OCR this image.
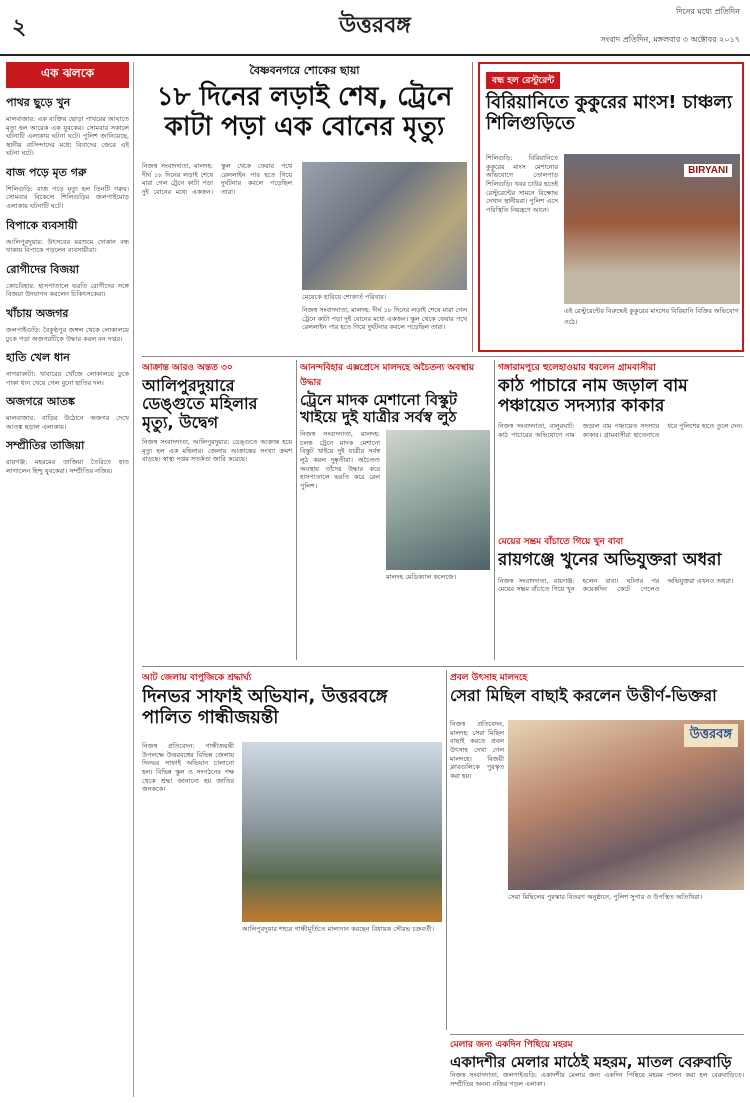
২	উত্তরবঙ্গ
দিনের মধ্যে প্রতিদিন
সংবাদ প্রতিদিন, মঙ্গলবার ৩ অক্টোবর ২০১৭
এক ঝলকে
পাথর ছুড়ে খুন

মালবাজার: এক ব্যক্তির ছোড়া পাথরের আঘাতে মৃত্যু হল আরেক এক যুবকের। সোমবার সকালে ঘটনাটি এলাকায় ঘটনা ঘটে। পুলিশ জানিয়েছে, স্থানীয় বাসিন্দাদের মধ্যে বিবাদের জেরে এই ঘটনা ঘটে।

বাজ পড়ে মৃত গরু

শিলিগুড়ি: বাজ পড়ে মৃত্যু হল তিনটি গরুর। সোমবার বিকেলে শিলিগুড়ির জলপাইমোড় এলাকায় ঘটনাটি ঘটে।

বিপাকে ব্যবসায়ী

আলিপুরদুয়ার: উৎসবের মরশুমে দোকান বন্ধ থাকায় বিপাকে পড়লেন ব্যবসায়ীরা।

রোগীদের বিজয়া

কোচবিহার: হাসপাতালে ভরতি রোগীদের সঙ্গে বিজয়া উদযাপন করলেন চিকিৎসকেরা।

খাঁচায় অজগর

জলপাইগুড়ি: বৈকুণ্ঠপুর জঙ্গল থেকে লোকালয়ে ঢুকে পড়া অজগরটিকে উদ্ধার করল বন দপ্তর।

হাতি খেল ধান

নাগরাকাটা: খাবারের খোঁজে লোকালয়ে ঢুকে পাকা ধান খেয়ে গেল বুনো হাতির দল।

অজগরে আতঙ্ক

মালবাজার: বাড়ির উঠোনে অজগর দেখে আতঙ্ক ছড়াল এলাকায়।

সম্প্রীতির তাজিয়া

রায়গঞ্জ: মহরমের তাজিয়া তৈরিতে হাত লাগালেন হিন্দু যুবকেরা। সম্প্রীতির নজির।

বৈষ্ণবনগরে শোকের ছায়া
১৮ দিনের লড়াই শেষ, ট্রেনে কাটা পড়া এক বোনের মৃত্যু
নিজস্ব সংবাদদাতা, মালদহ: দীর্ঘ ১৮ দিনের লড়াই শেষে মারা গেল ট্রেনে কাটা পড়া দুই বোনের মধ্যে একজন। স্কুল থেকে ফেরার পথে রেললাইন পার হতে গিয়ে দুর্ঘটনার কবলে পড়েছিল তারা।
মেয়েকে হারিয়ে শোকার্ত পরিবার।
নিজস্ব সংবাদদাতা, মালদহ: দীর্ঘ ১৮ দিনের লড়াই শেষে মারা গেল ট্রেনে কাটা পড়া দুই বোনের মধ্যে একজন। স্কুল থেকে ফেরার পথে রেললাইন পার হতে গিয়ে দুর্ঘটনার কবলে পড়েছিল তারা।
বন্ধ হল রেস্টুরেন্ট
বিরিয়ানিতে কুকুরের মাংস! চাঞ্চল্য শিলিগুড়িতে
শিলিগুড়ি: বিরিয়ানিতে কুকুরের মাংস মেশানোর অভিযোগে তোলপাড় শিলিগুড়ি। খবর চাউর হতেই রেস্টুরেন্টের সামনে বিক্ষোভ দেখান স্থানীয়রা। পুলিশ এসে পরিস্থিতি নিয়ন্ত্রণে আনে।
BIRYANI
এই রেস্টুরেন্টের বিরুদ্ধেই কুকুরের মাংসের বিরিয়ানি বিক্রির অভিযোগ ওঠে।
আক্রান্ত আরও অন্তত ৩০
আলিপুরদুয়ারে ডেঙ্গুতে মহিলার মৃত্যু, উদ্বেগ
নিজস্ব সংবাদদাতা, আলিপুরদুয়ার: ডেঙ্গুতে আক্রান্ত হয়ে মৃত্যু হল এক মহিলার। জেলায় আক্রান্তের সংখ্যা ক্রমশ বাড়ছে। স্বাস্থ্য দপ্তর সতর্কতা জারি করেছে।
আনন্দবিহার এক্সপ্রেসে মালদহে অচৈতন্য অবস্থায় উদ্ধার
ট্রেনে মাদক মেশানো বিস্কুট খাইয়ে দুই যাত্রীর সর্বস্ব লুঠ
নিজস্ব সংবাদদাতা, মালদহ: চলন্ত ট্রেনে মাদক মেশানো বিস্কুট খাইয়ে দুই যাত্রীর সর্বস্ব লুঠ করল দুষ্কৃতীরা। অচৈতন্য অবস্থায় তাঁদের উদ্ধার করে হাসপাতালে ভরতি করে রেল পুলিশ।
মালদহ মেডিক্যাল কলেজে।
গঙ্গারামপুরে হুলেহাওয়ার ধরলেন গ্রামবাসীরা
কাঠ পাচারে নাম জড়াল বাম পঞ্চায়েত সদস্যার কাকার
নিজস্ব সংবাদদাতা, বালুরঘাট: কাঠ পাচারের অভিযোগে নাম জড়াল বাম পঞ্চায়েত সদস্যার কাকার। গ্রামবাসীরা হাতেনাতে ধরে পুলিশের হাতে তুলে দেন।
মেয়ের সম্ভ্রম বাঁচাতে গিয়ে খুন বাবা
রায়গঞ্জে খুনের অভিযুক্তরা অধরা
নিজস্ব সংবাদদাতা, রায়গঞ্জ: মেয়ের সম্ভ্রম বাঁচাতে গিয়ে খুন হলেন বাবা। ঘটনার পর কয়েকদিন কেটে গেলেও অভিযুক্তরা এখনও অধরা।
আট জেলায় বাপুজিকে শ্রদ্ধার্ঘ্য
দিনভর সাফাই অভিযান, উত্তরবঙ্গে পালিত গান্ধীজয়ন্তী
নিজস্ব প্রতিবেদন: গান্ধীজয়ন্তী উপলক্ষে উত্তরবঙ্গের বিভিন্ন জেলায় দিনভর সাফাই অভিযান চালানো হল। বিভিন্ন স্কুল ও সংগঠনের পক্ষ থেকে শ্রদ্ধা জানানো হয় জাতির জনককে।
আলিপুরদুয়ার শহরে গান্ধীমূর্তিতে মাল্যদান করছেন বিধায়ক সৌরভ চক্রবর্তী।
প্রবল উৎসাহ মালদহে
সেরা মিছিল বাছাই করলেন উত্তীর্ণ-ভিক্তরা
নিজস্ব প্রতিবেদন, মালদহ: সেরা মিছিল বাছাই করতে প্রবল উৎসাহ দেখা গেল মালদহে। বিজয়ী ক্লাবগুলিকে পুরস্কৃত করা হয়।
উত্তরবঙ্গ
সেরা মিছিলের পুরস্কার বিতরণ অনুষ্ঠানে, পুলিশ সুপার ও উপস্থিত অতিথিরা।
মেলার জন্য একদিন পিছিয়ে মহরম
একাদশীর মেলার মাঠেই মহরম, মাতল বেরুবাড়ি
নিজস্ব সংবাদদাতা, জলপাইগুড়ি: একাদশীর মেলার জন্য একদিন পিছিয়ে মহরম পালন করা হল বেরুবাড়িতে। সম্প্রীতির অনন্য নজির গড়ল এলাকা।
